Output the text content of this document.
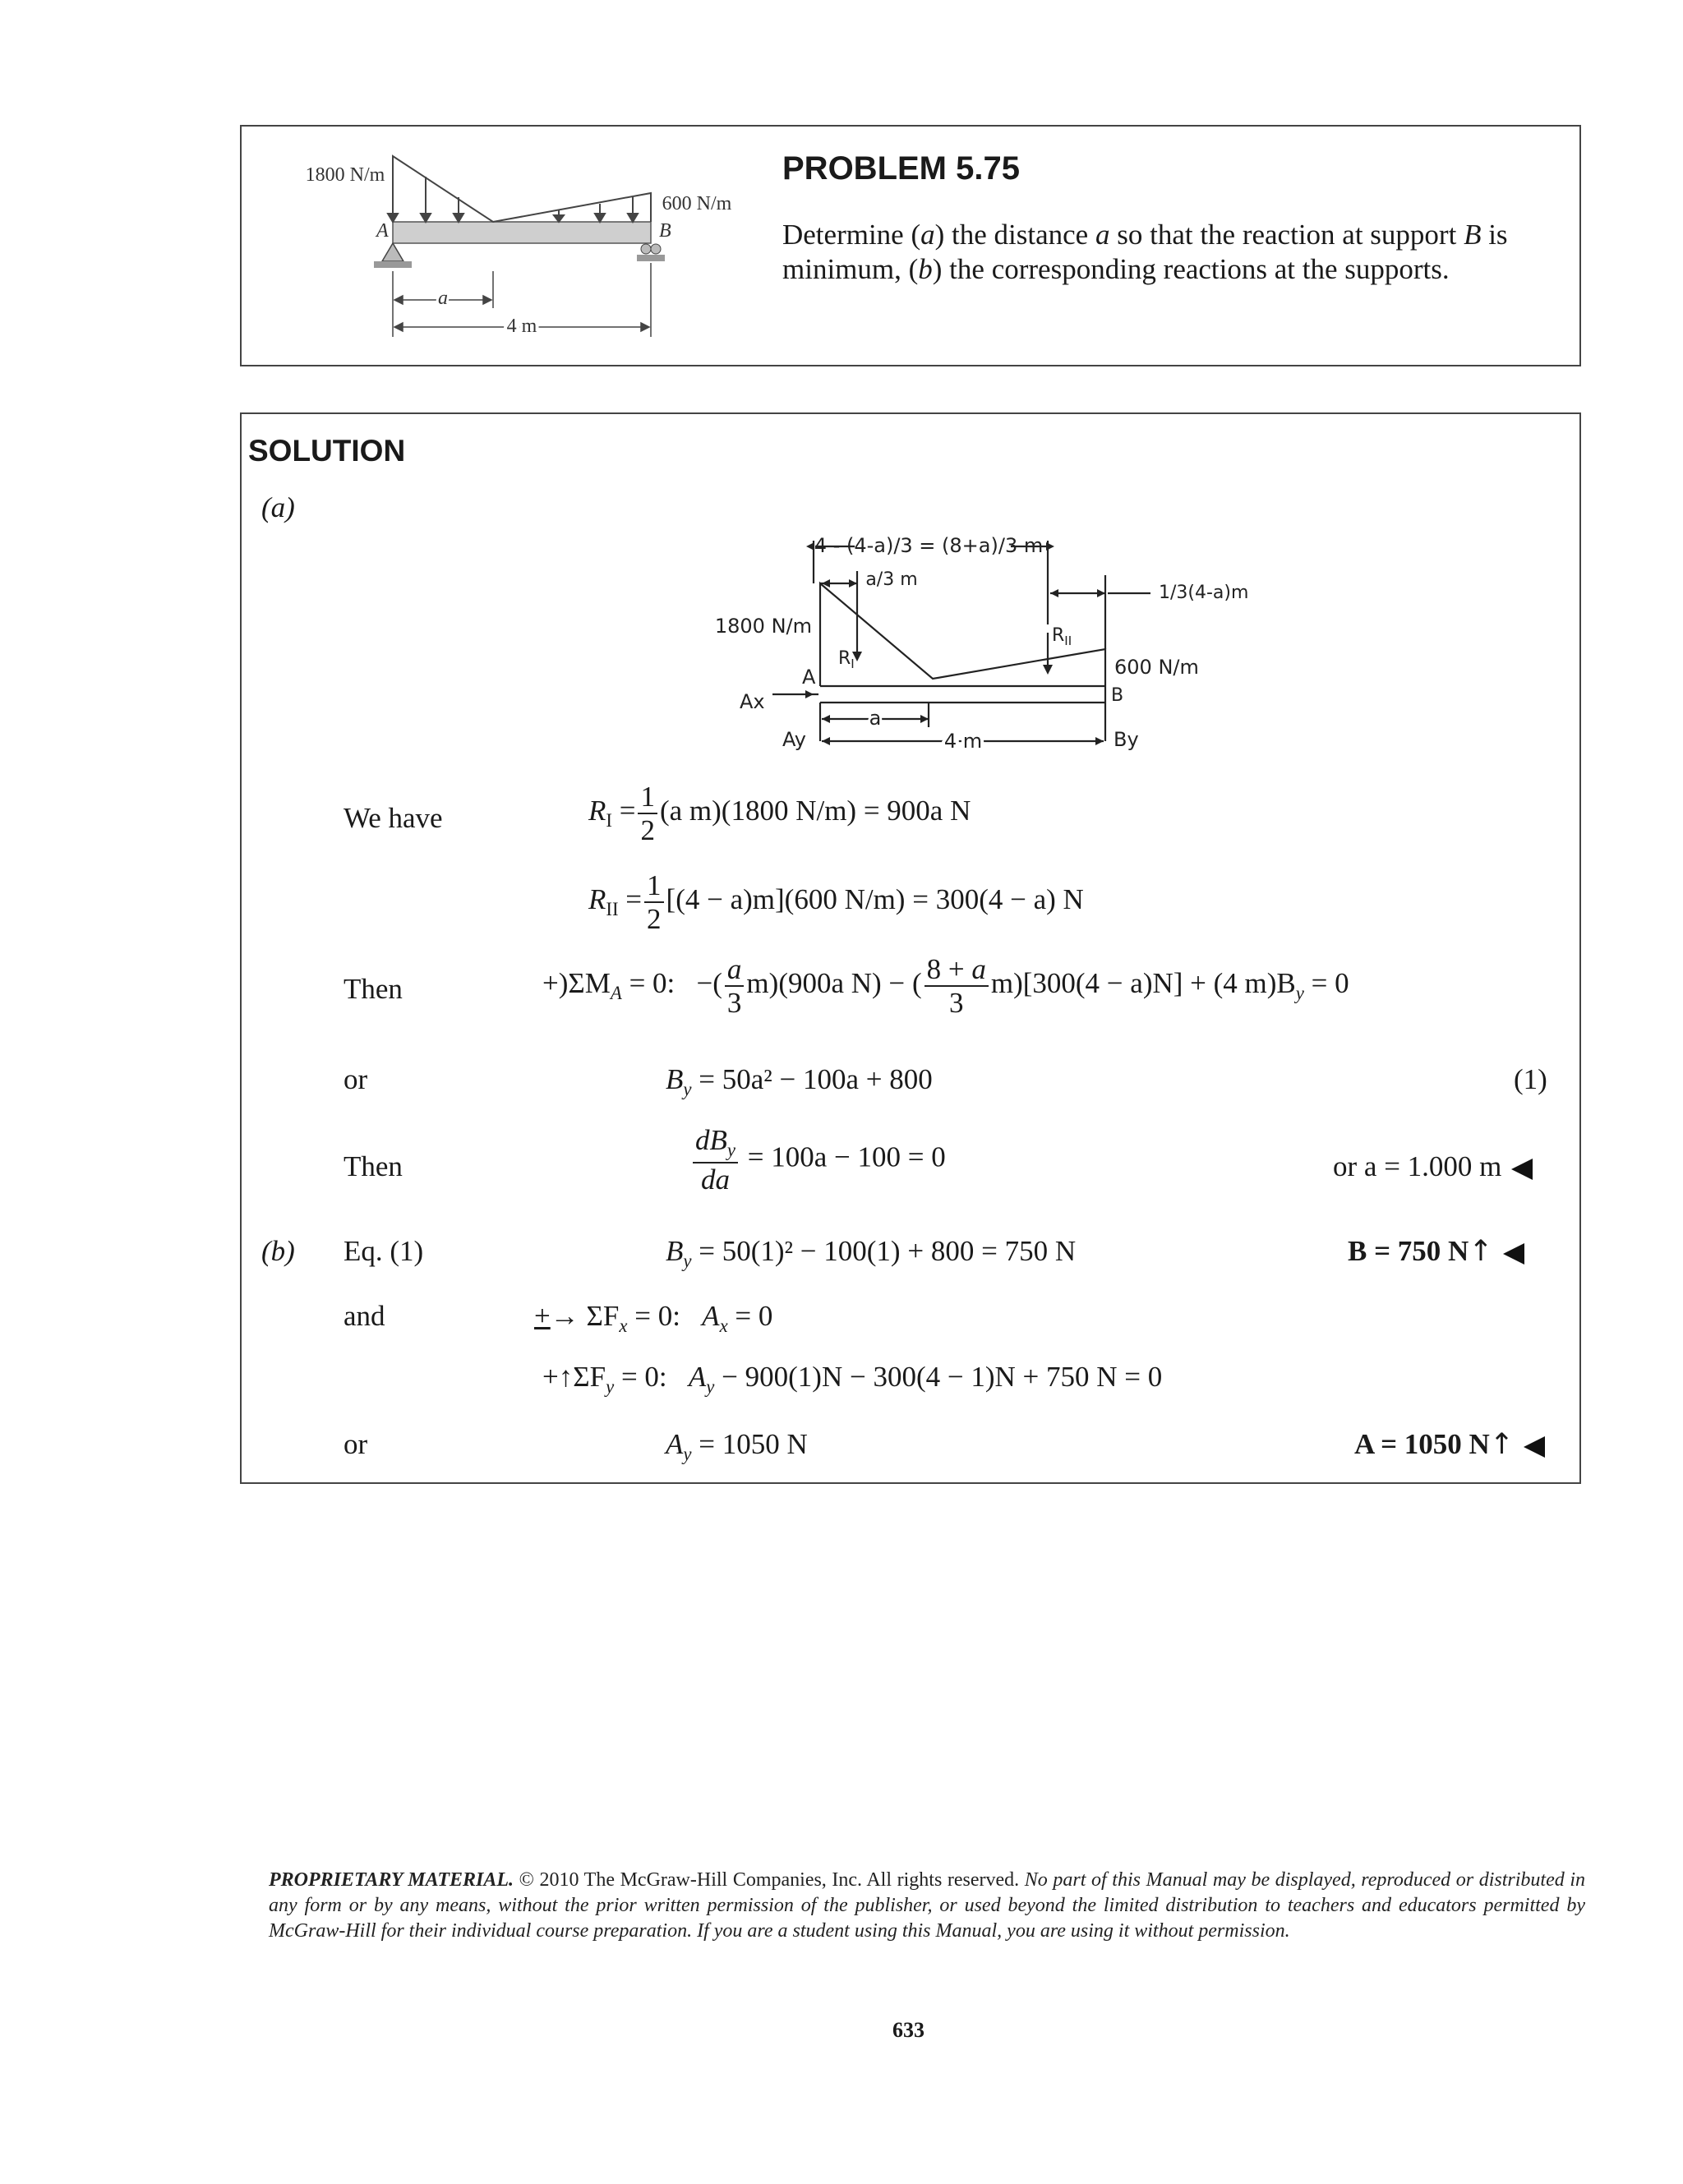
1800 N/m
600 N/m
A	B
a
4 m
PROBLEM 5.75
Determine (a) the distance a so that the reaction at support B is
minimum, (b) the corresponding reactions at the supports.
SOLUTION
(a)
4 - (4-a)/3 = (8+a)/3 m
a/3 m
1/3(4-a)m
1800 N/m
600 N/m
$R_I$
$R_{II}$
A
B
Ax
Ay	By
a
4 m
We have	$R_I = \frac{1}{2} (a$ m)(1800 N/m) = 900a N
$R_{II} = \frac{1}{2} [(4 - a)m](600$ N/m) = 300(4 − a) N
Then	$+)\Sigma M_A = 0$:   −( $\frac{a}{3} m)(900a$ N) − ( $\frac{8 + a}{3} m)[300(4 - a)N] + (4$ $m)B_y = 0$
or	$B_y = 50a^2 - 100a + 800$	(1)
Then	$\frac{dB_y}{da} = 100a - 100 = 0$	or a = 1.000 m
(b) Eq. (1)	$B_y = 50(1)^2 - 100(1) + 800 = 750$ N	B = 750 N↑
and	+→ $\Sigma F_x = 0$:   $A_x = 0$
$+↑\Sigma F_y = 0$:   $A_y - 900(1)N - 300(4 - 1)N + 750$ N = 0
or	$A_y = 1050$ N	A = 1050 N↑
PROPRIETARY MATERIAL. © 2010 The McGraw-Hill Companies, Inc. All rights reserved. No part of this Manual may be displayed, reproduced or distributed in any form or by any means, without the prior written permission of the publisher, or used beyond the limited distribution to teachers and educators permitted by McGraw-Hill for their individual course preparation. If you are a student using this Manual, you are using it without permission.
633
